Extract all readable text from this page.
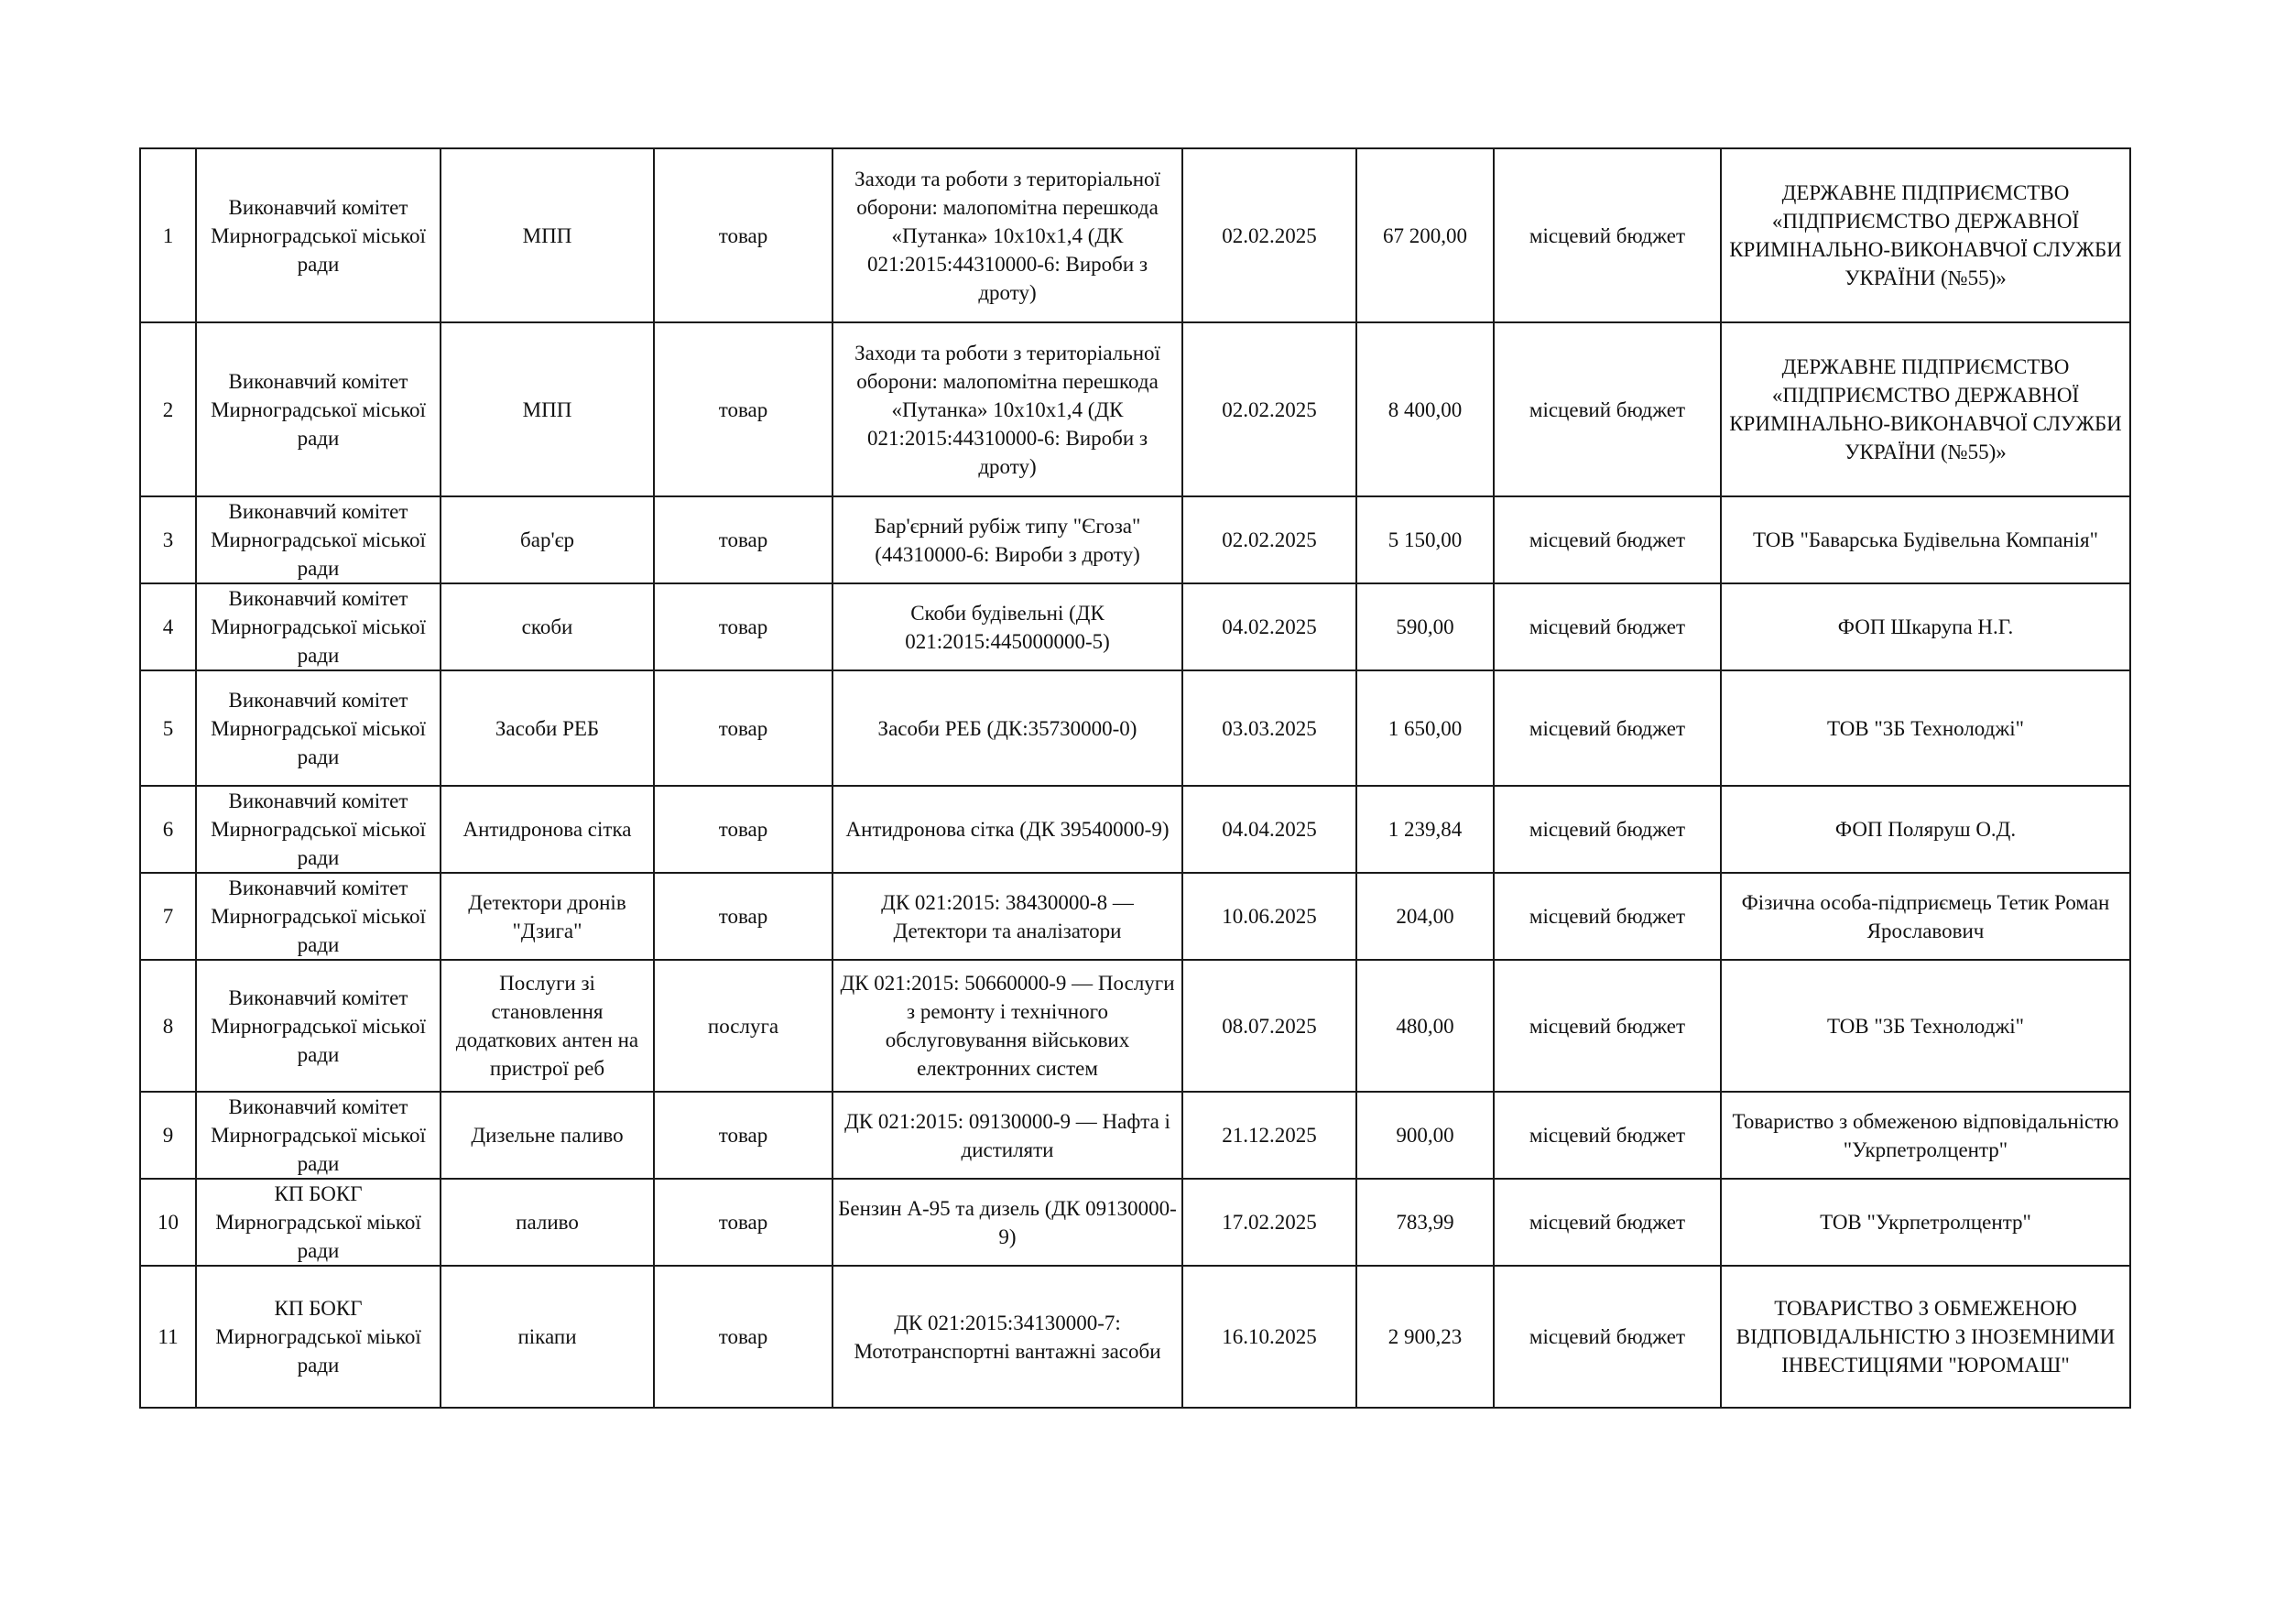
1	Виконавчий комітет Мирноградської міської ради	МПП	товар	Заходи та роботи з територіальної оборони: малопомітна перешкода «Путанка» 10х10х1,4 (ДК 021:2015:44310000-6: Вироби з дроту)	02.02.2025	67 200,00	місцевий бюджет	ДЕРЖАВНЕ ПІДПРИЄМСТВО «ПІДПРИЄМСТВО ДЕРЖАВНОЇ КРИМІНАЛЬНО-ВИКОНАВЧОЇ СЛУЖБИ УКРАЇНИ (№55)»
2	Виконавчий комітет Мирноградської міської ради	МПП	товар	Заходи та роботи з територіальної оборони: малопомітна перешкода «Путанка» 10х10х1,4 (ДК 021:2015:44310000-6: Вироби з дроту)	02.02.2025	8 400,00	місцевий бюджет	ДЕРЖАВНЕ ПІДПРИЄМСТВО «ПІДПРИЄМСТВО ДЕРЖАВНОЇ КРИМІНАЛЬНО-ВИКОНАВЧОЇ СЛУЖБИ УКРАЇНИ (№55)»
3	Виконавчий комітет Мирноградської міської ради	бар'єр	товар	Бар'єрний рубіж типу "Єгоза" (44310000-6: Вироби з дроту)	02.02.2025	5 150,00	місцевий бюджет	ТОВ "Баварська Будівельна Компанія"
4	Виконавчий комітет Мирноградської міської ради	скоби	товар	Скоби будівельні (ДК 021:2015:445000000-5)	04.02.2025	590,00	місцевий бюджет	ФОП Шкарупа Н.Г.
5	Виконавчий комітет Мирноградської міської ради	Засоби РЕБ	товар	Засоби РЕБ (ДК:35730000-0)	03.03.2025	1 650,00	місцевий бюджет	ТОВ "3Б Технолоджі"
6	Виконавчий комітет Мирноградської міської ради	Антидронова сітка	товар	Антидронова сітка (ДК 39540000-9)	04.04.2025	1 239,84	місцевий бюджет	ФОП Поляруш О.Д.
7	Виконавчий комітет Мирноградської міської ради	Детектори дронів "Дзига"	товар	ДК 021:2015: 38430000-8 — Детектори та аналізатори	10.06.2025	204,00	місцевий бюджет	Фізична особа-підприємець Тетик Роман Ярославович
8	Виконавчий комітет Мирноградської міської ради	Послуги зі становлення додаткових антен на пристрої реб	послуга	ДК 021:2015: 50660000-9 — Послуги з ремонту і технічного обслуговування військових електронних систем	08.07.2025	480,00	місцевий бюджет	ТОВ "3Б Технолоджі"
9	Виконавчий комітет Мирноградської міської ради	Дизельне паливо	товар	ДК 021:2015: 09130000-9 — Нафта і дистиляти	21.12.2025	900,00	місцевий бюджет	Товариство з обмеженою відповідальністю "Укрпетролцентр"
10	КП БОКГ Мирноградської міької ради	паливо	товар	Бензин А-95 та дизель (ДК 09130000-9)	17.02.2025	783,99	місцевий бюджет	ТОВ "Укрпетролцентр"
11	КП БОКГ Мирноградської міької ради	пікапи	товар	ДК 021:2015:34130000-7: Мототранспортні вантажні засоби	16.10.2025	2 900,23	місцевий бюджет	ТОВАРИСТВО З ОБМЕЖЕНОЮ ВІДПОВІДАЛЬНІСТЮ З ІНОЗЕМНИМИ ІНВЕСТИЦІЯМИ "ЮРОМАШ"
